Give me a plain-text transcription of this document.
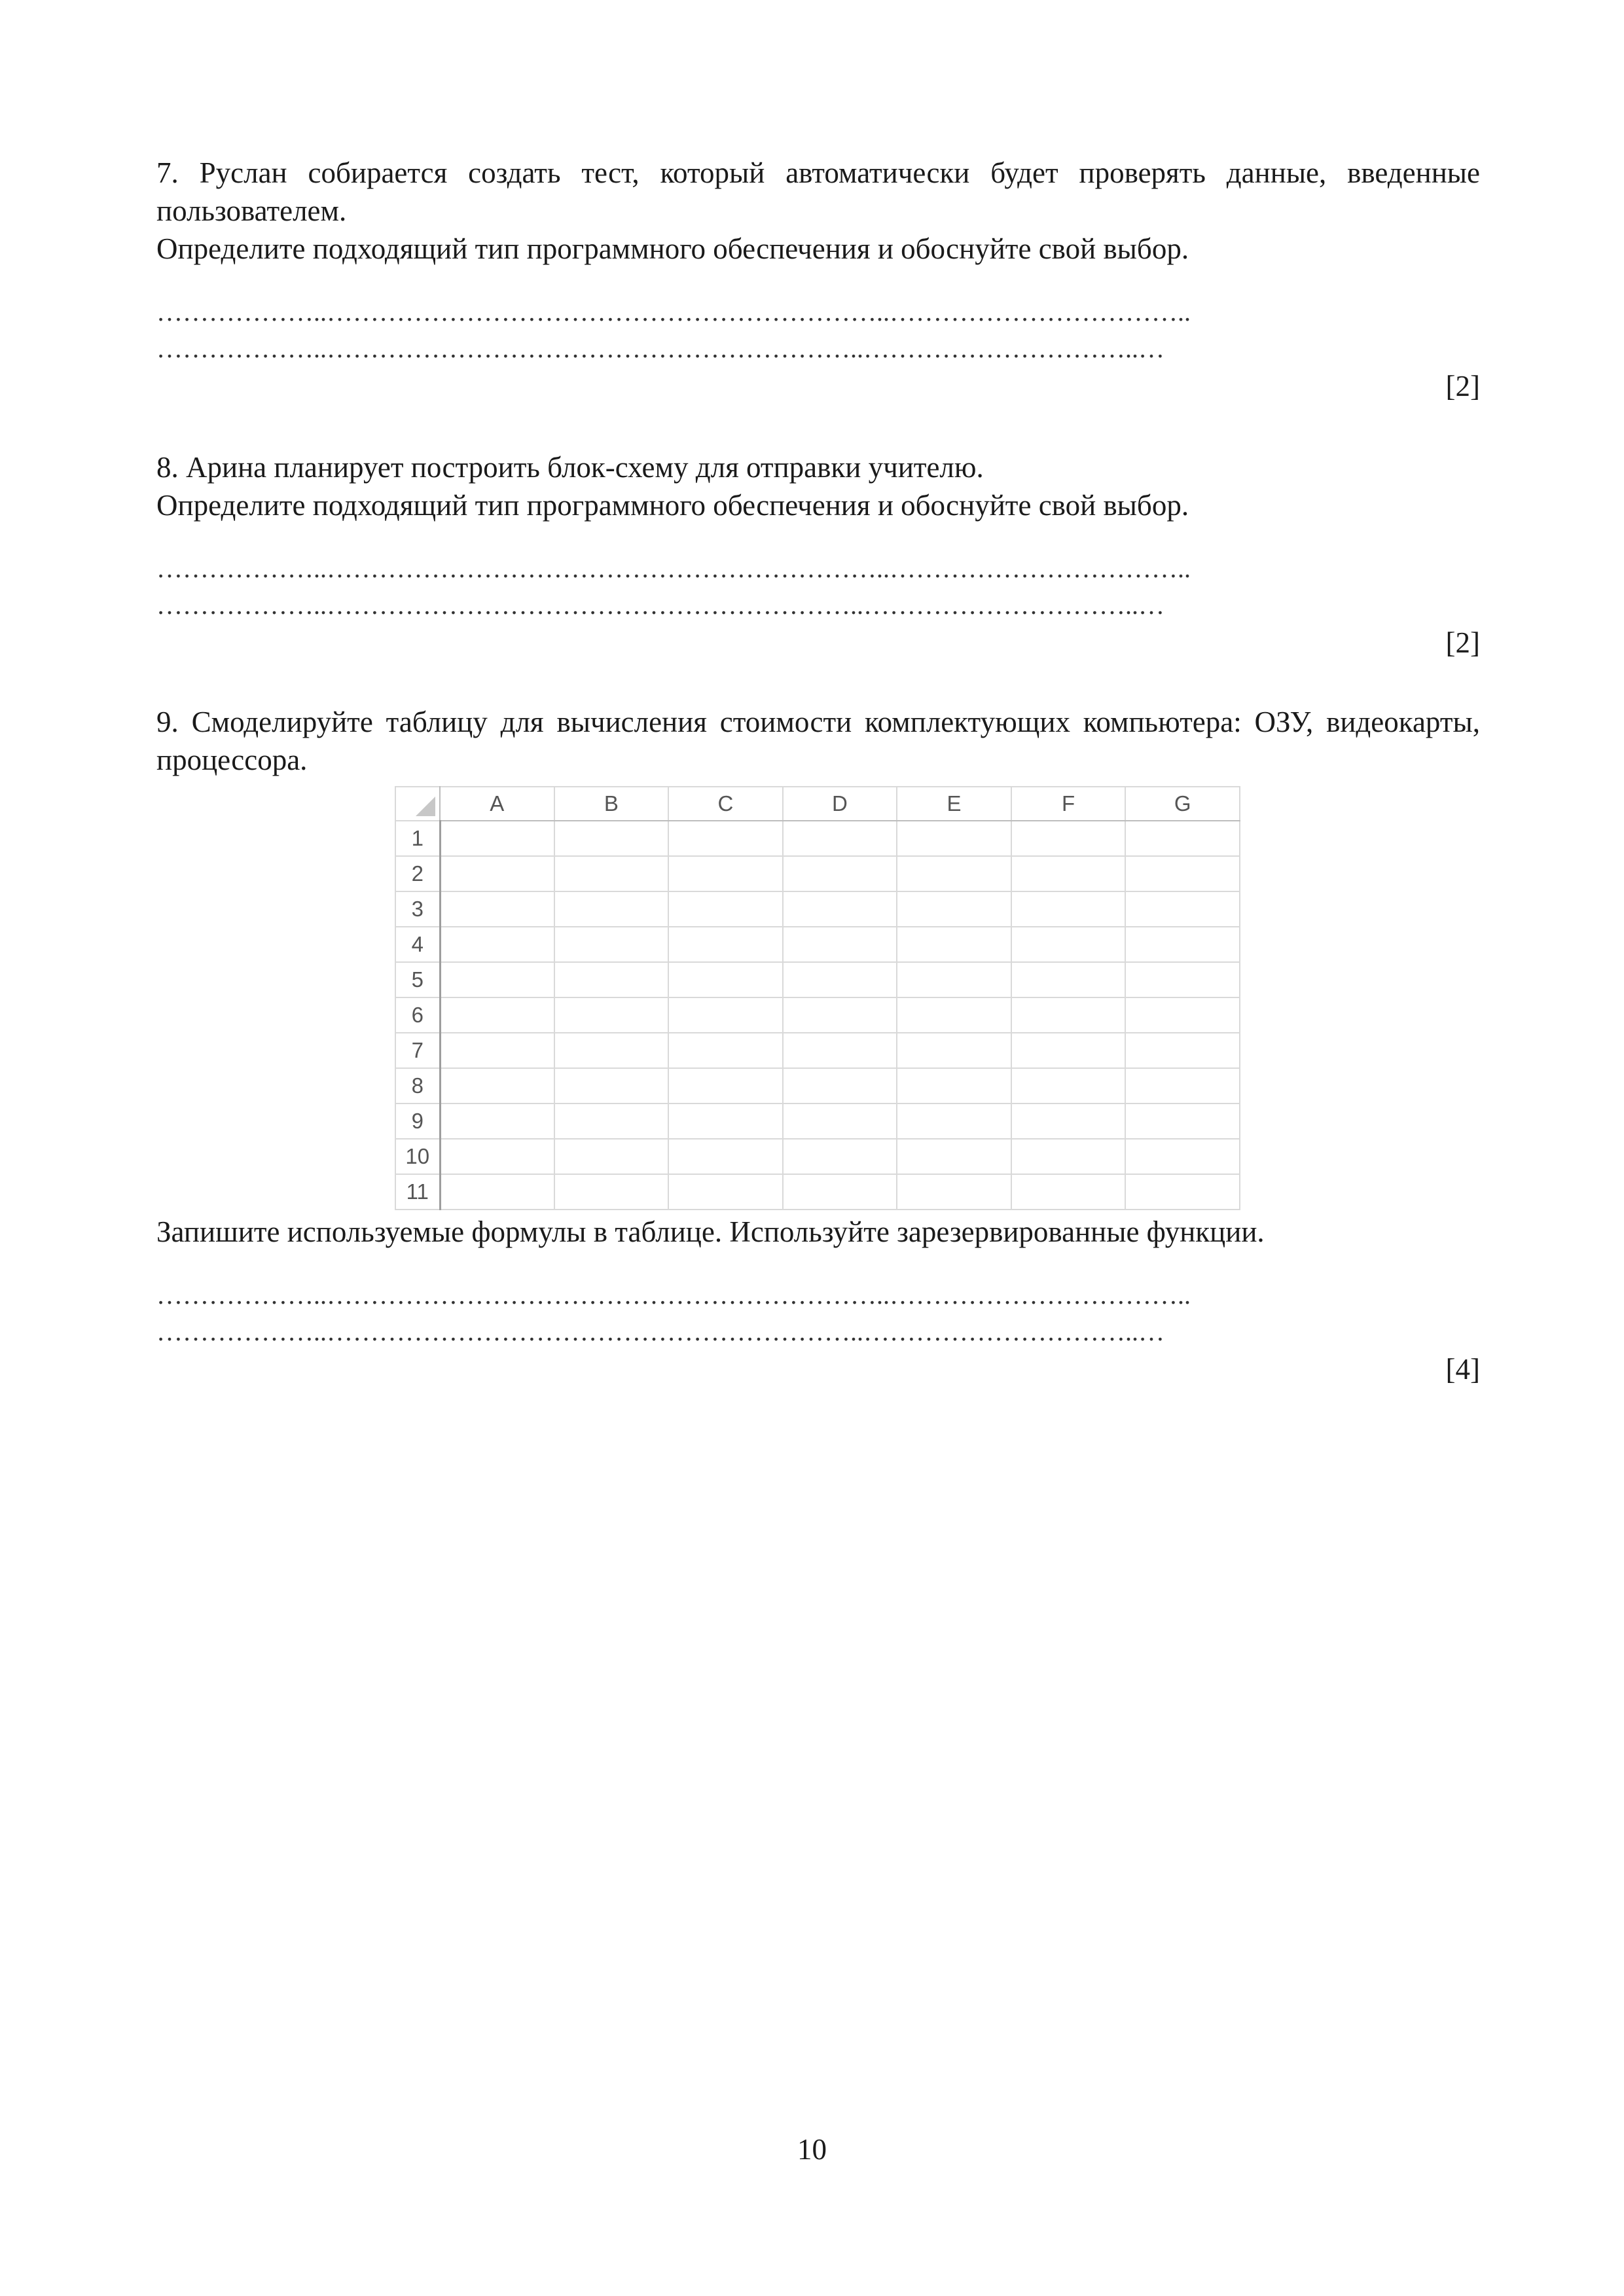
7. Руслан собирается создать тест, который автоматически будет проверять данные, введенные пользователем.
Определите подходящий тип программного обеспечения и обоснуйте свой выбор.
………………..………………………………………………………..……………………………..
………………..……………………………………………………..…………………………..…
[2]
8. Арина планирует построить блок-схему для отправки учителю.
Определите подходящий тип программного обеспечения и обоснуйте свой выбор.
………………..………………………………………………………..……………………………..
………………..……………………………………………………..…………………………..…
[2]
9. Смоделируйте таблицу для вычисления стоимости комплектующих компьютера: ОЗУ, видеокарты, процессора.
	A	B	C	D	E	F	G
1							
2							
3							
4							
5							
6							
7							
8							
9							
10							
11							
Запишите используемые формулы в таблице. Используйте зарезервированные функции.
………………..………………………………………………………..……………………………..
………………..……………………………………………………..…………………………..…
[4]
10
